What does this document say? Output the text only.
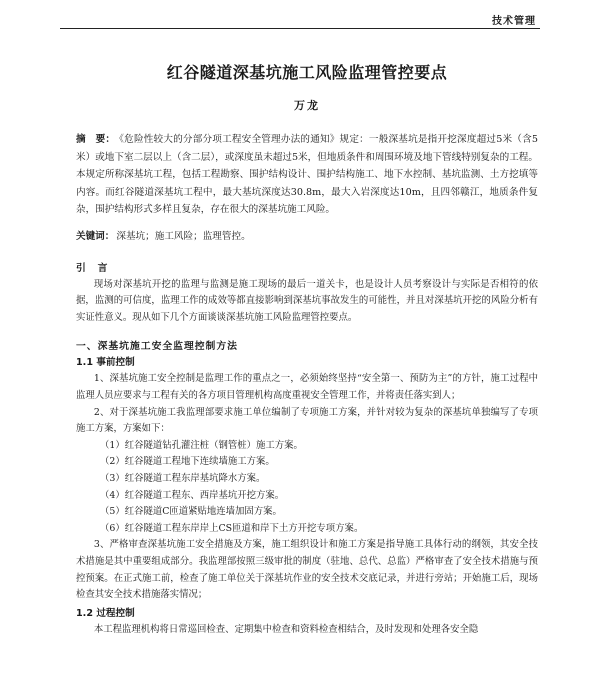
技术管理
红谷隧道深基坑施工风险监理管控要点
万龙

摘　要： 《危险性较大的分部分项工程安全管理办法的通知》规定：一般深基坑是指开挖深度超过5米（含5米）或地下室二层以上（含二层），或深度虽未超过5米，但地质条件和周围环境及地下管线特别复杂的工程。本规定所称深基坑工程，包括工程勘察、围护结构设计、围护结构施工、地下水控制、基坑监测、土方挖填等内容。而红谷隧道深基坑工程中，最大基坑深度达30.8m，最大入岩深度达10m，且四邻赣江，地质条件复杂，围护结构形式多样且复杂，存在很大的深基坑施工风险。

关键词： 深基坑；施工风险；监理管控。

引　言

现场对深基坑开挖的监理与监测是施工现场的最后一道关卡，也是设计人员考察设计与实际是否相符的依据，监测的可信度，监理工作的成效等都直接影响到深基坑事故发生的可能性，并且对深基坑开挖的风险分析有实证性意义。现从如下几个方面谈谈深基坑施工风险监理管控要点。

一、深基坑施工安全监理控制方法
1.1 事前控制

1、深基坑施工安全控制是监理工作的重点之一，必须始终坚持“安全第一、预防为主”的方针，施工过程中监理人员应要求与工程有关的各方项目管理机构高度重视安全管理工作，并将责任落实到人；

2、对于深基坑施工我监理部要求施工单位编制了专项施工方案，并针对较为复杂的深基坑单独编写了专项施工方案，方案如下：

（1）红谷隧道钻孔灌注桩（钢管桩）施工方案。
（2）红谷隧道工程地下连续墙施工方案。
（3）红谷隧道工程东岸基坑降水方案。
（4）红谷隧道工程东、西岸基坑开挖方案。
（5）红谷隧道C匝道紧贴地连墙加固方案。
（6）红谷隧道工程东岸岸上CS匝道和岸下土方开挖专项方案。

3、严格审查深基坑施工安全措施及方案，施工组织设计和施工方案是指导施工具体行动的纲领，其安全技术措施是其中重要组成部分。我监理部按照三级审批的制度（驻地、总代、总监）严格审查了安全技术措施与预控预案。在正式施工前，检查了施工单位关于深基坑作业的安全技术交底记录，并进行旁站；开始施工后，现场检查其安全技术措施落实情况；

1.2 过程控制

本工程监理机构将日常巡回检查、定期集中检查和资料检查相结合，及时发现和处理各安全隐
